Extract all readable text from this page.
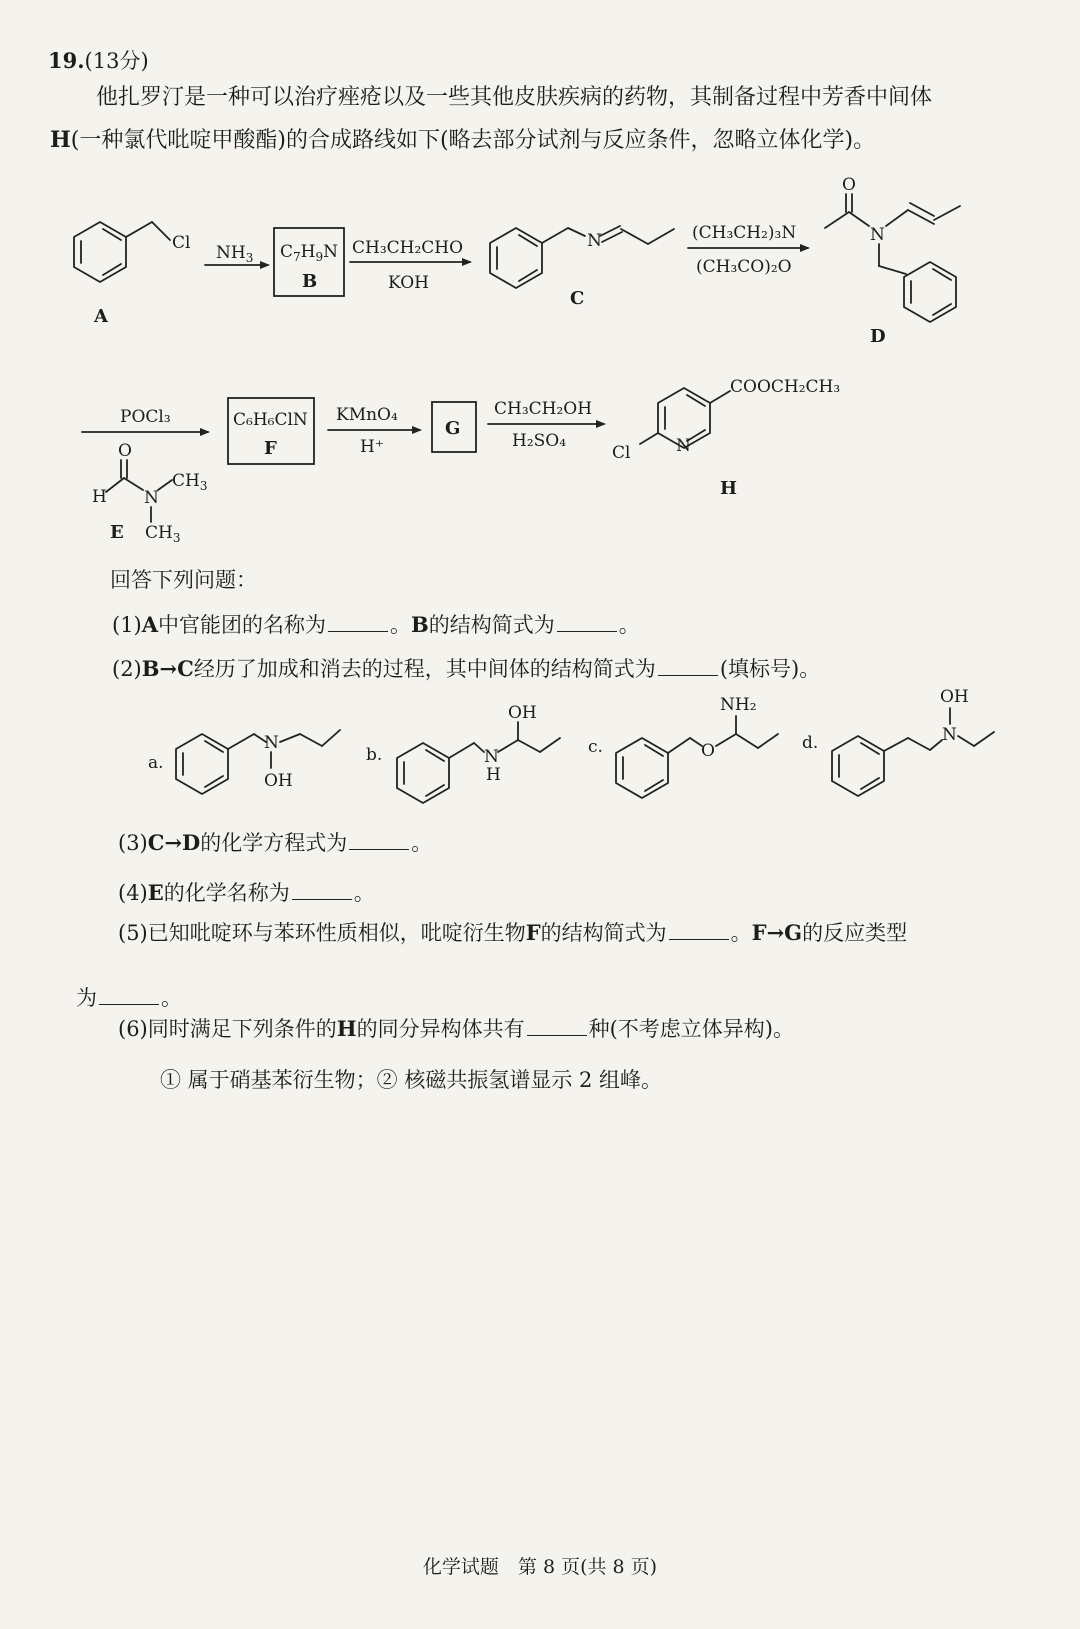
19.(13分)
他扎罗汀是一种可以治疗痤疮以及一些其他皮肤疾病的药物，其制备过程中芳香中间体
H(一种氯代吡啶甲酸酯)的合成路线如下(略去部分试剂与反应条件，忽略立体化学)。
Cl
A
$NH_3$ $C_7H_9N$
B
CH₃CH₂CHO
KOH
N
C
(CH₃CH₂)₃N
(CH₃CO)₂O
O
N
D
POCl₃
O
H N
$CH_3$
$CH_3$
E
C₆H₆ClN
F
KMnO₄
H⁺
G
CH₃CH₂OH
H₂SO₄
COOCH₂CH₃
Cl	N
H
回答下列问题：
(1)A中官能团的名称为	。B的结构简式为	。
(2)B→C经历了加成和消去的过程，其中间体的结构简式为	(填标号)。
a.
N
OH
b.	N
H
OH
c.	O
NH₂
d.	N
OH
(3)C→D的化学方程式为	。
(4)E的化学名称为	。
(5)已知吡啶环与苯环性质相似，吡啶衍生物F的结构简式为	。F→G的反应类型
为	。
(6)同时满足下列条件的H的同分异构体共有	种(不考虑立体异构)。
① 属于硝基苯衍生物；② 核磁共振氢谱显示 2 组峰。
化学试题　第 8 页(共 8 页)
